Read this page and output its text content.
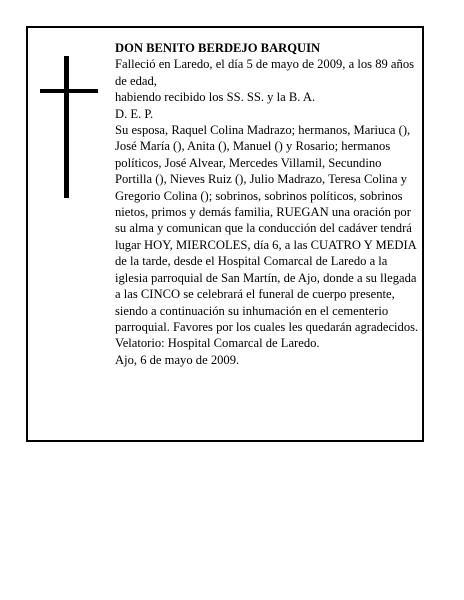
DON BENITO BERDEJO BARQUIN

Falleció en Laredo, el día 5 de mayo de 2009, a los 89 años de edad,

habiendo recibido los SS. SS. y la B. A.

D. E. P.

Su esposa, Raquel Colina Madrazo; hermanos, Mariuca (), José María (), Anita (), Manuel () y Rosario; hermanos políticos, José Alvear, Mercedes Villamil, Secundino Portilla (), Nieves Ruiz (), Julio Madrazo, Teresa Colina y Gregorio Colina (); sobrinos, sobrinos políticos, sobrinos nietos, primos y demás familia, RUEGAN una oración por su alma y comunican que la conducción del cadáver tendrá lugar HOY, MIERCOLES, día 6, a las CUATRO Y MEDIA de la tarde, desde el Hospital Comarcal de Laredo a la iglesia parroquial de San Martín, de Ajo, donde a su llegada a las CINCO se celebrará el funeral de cuerpo presente, siendo a continuación su inhumación en el cementerio parroquial. Favores por los cuales les quedarán agradecidos. Velatorio: Hospital Comarcal de Laredo.

Ajo, 6 de mayo de 2009.
